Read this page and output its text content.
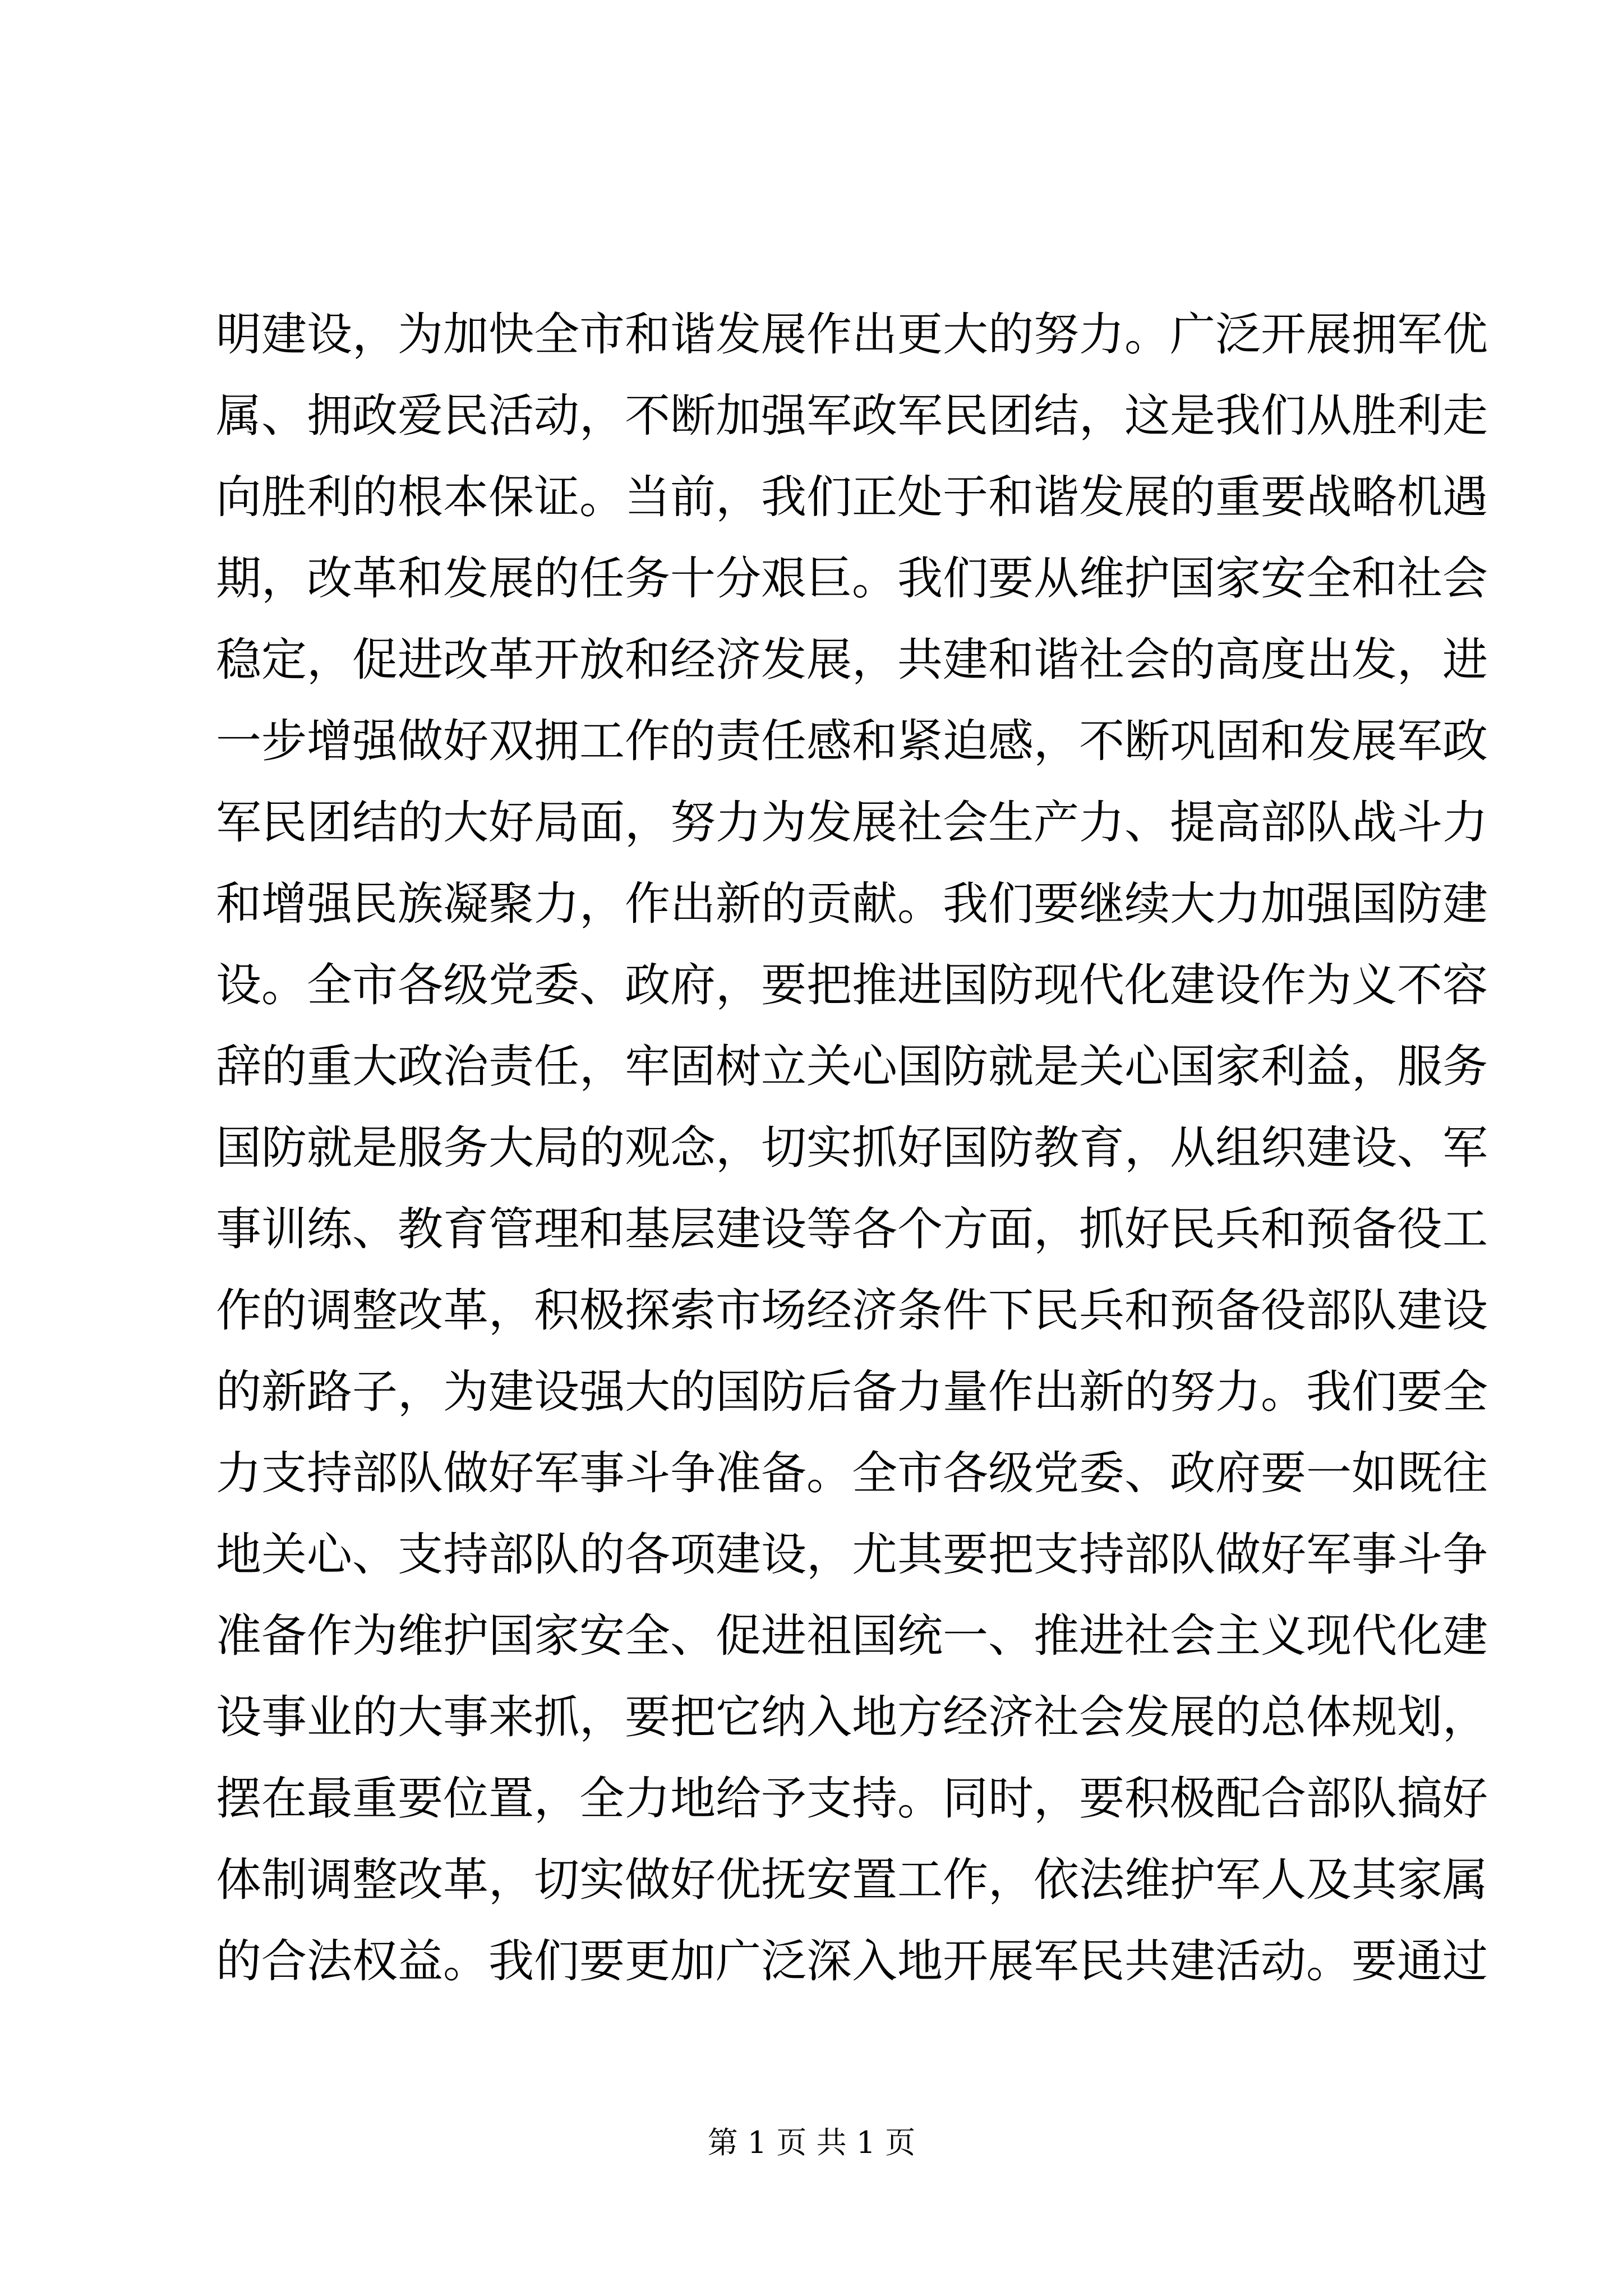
明建设，为加快全市和谐发展作出更大的努力。广泛开展拥军优
属、拥政爱民活动，不断加强军政军民团结，这是我们从胜利走
向胜利的根本保证。当前，我们正处于和谐发展的重要战略机遇
期，改革和发展的任务十分艰巨。我们要从维护国家安全和社会
稳定，促进改革开放和经济发展，共建和谐社会的高度出发，进
一步增强做好双拥工作的责任感和紧迫感，不断巩固和发展军政
军民团结的大好局面，努力为发展社会生产力、提高部队战斗力
和增强民族凝聚力，作出新的贡献。我们要继续大力加强国防建
设。全市各级党委、政府，要把推进国防现代化建设作为义不容
辞的重大政治责任，牢固树立关心国防就是关心国家利益，服务
国防就是服务大局的观念，切实抓好国防教育，从组织建设、军
事训练、教育管理和基层建设等各个方面，抓好民兵和预备役工
作的调整改革，积极探索市场经济条件下民兵和预备役部队建设
的新路子，为建设强大的国防后备力量作出新的努力。我们要全
力支持部队做好军事斗争准备。全市各级党委、政府要一如既往
地关心、支持部队的各项建设，尤其要把支持部队做好军事斗争
准备作为维护国家安全、促进祖国统一、推进社会主义现代化建
设事业的大事来抓，要把它纳入地方经济社会发展的总体规划，
摆在最重要位置，全力地给予支持。同时，要积极配合部队搞好
体制调整改革，切实做好优抚安置工作，依法维护军人及其家属
的合法权益。我们要更加广泛深入地开展军民共建活动。要通过
第 1 页 共 1 页
